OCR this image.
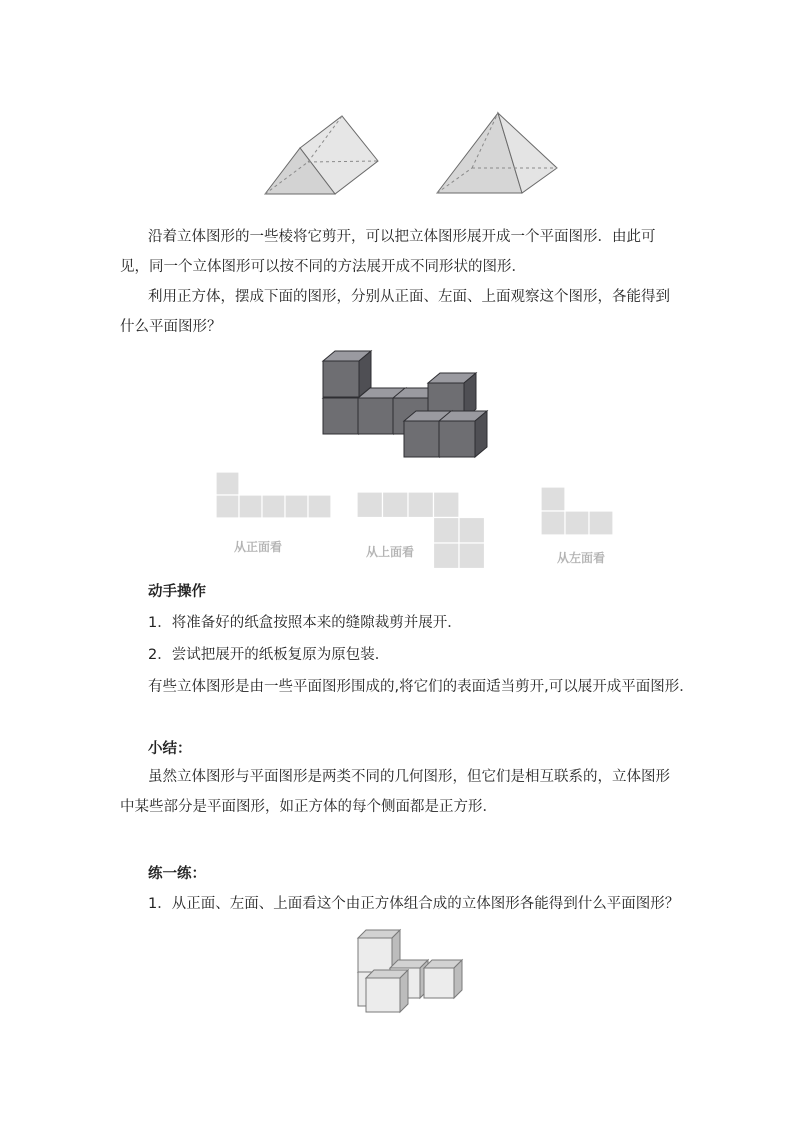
沿着立体图形的一些棱将它剪开，可以把立体图形展开成一个平面图形．由此可见，同一个立体图形可以按不同的方法展开成不同形状的图形．
利用正方体，摆成下面的图形，分别从正面、左面、上面观察这个图形，各能得到什么平面图形？
从正面看	从上面看	从左面看
动手操作
1．将准备好的纸盒按照本来的缝隙裁剪并展开．
2．尝试把展开的纸板复原为原包装．
有些立体图形是由一些平面图形围成的,将它们的表面适当剪开,可以展开成平面图形．
小结：
虽然立体图形与平面图形是两类不同的几何图形，但它们是相互联系的，立体图形中某些部分是平面图形，如正方体的每个侧面都是正方形．
练一练：
1．从正面、左面、上面看这个由正方体组合成的立体图形各能得到什么平面图形？
